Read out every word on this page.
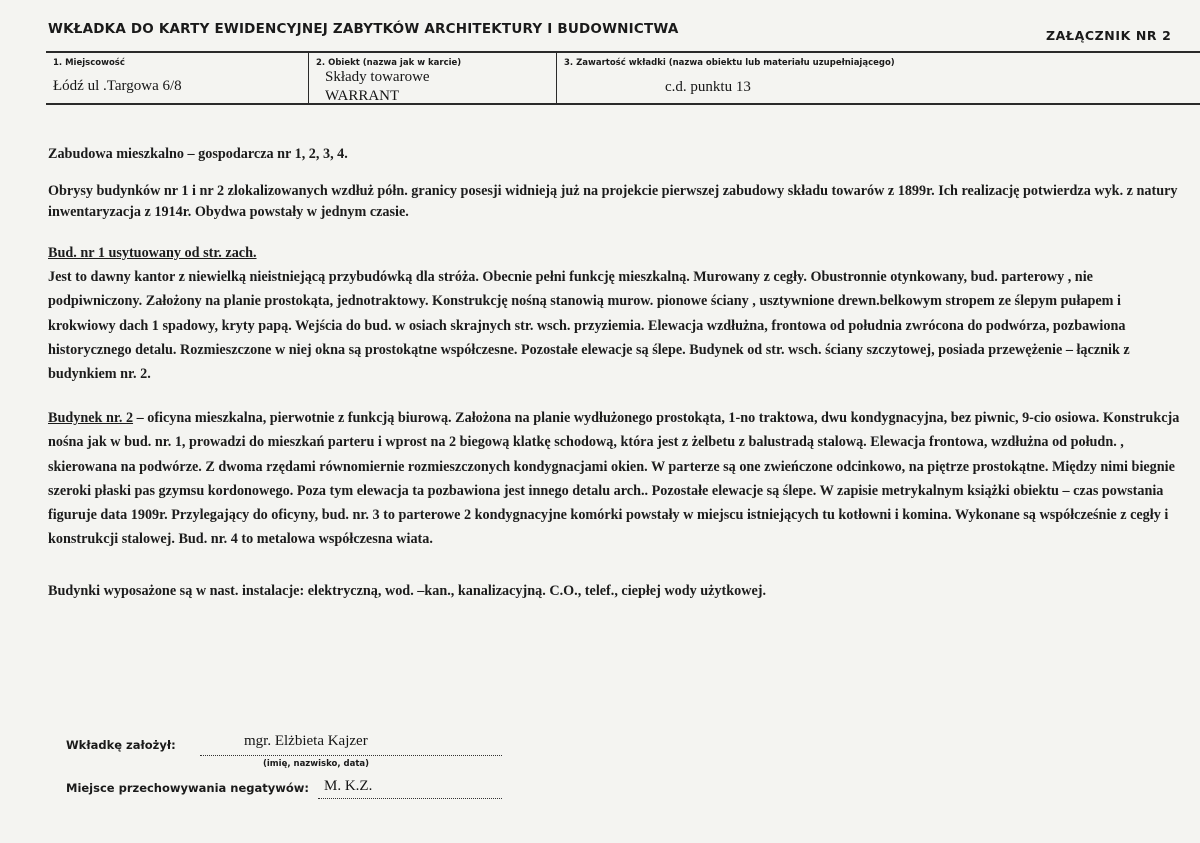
WKŁADKA DO KARTY EWIDENCYJNEJ ZABYTKÓW ARCHITEKTURY I BUDOWNICTWA	ZAŁĄCZNIK NR 2
1. Miejscowość
Łódź ul .Targowa 6/8
2. Obiekt (nazwa jak w karcie)
Składy towarowe
WARRANT
3. Zawartość wkładki (nazwa obiektu lub materiału uzupełniającego)
c.d. punktu 13

Zabudowa mieszkalno – gospodarcza nr 1, 2, 3, 4.

Obrysy budynków nr 1 i nr 2 zlokalizowanych wzdłuż półn. granicy posesji widnieją już na projekcie pierwszej zabudowy składu towarów z 1899r. Ich realizację potwierdza wyk. z natury inwentaryzacja z 1914r. Obydwa powstały w jednym czasie.

Bud. nr 1 usytuowany od str. zach.

Jest to dawny kantor z niewielką nieistniejącą przybudówką dla stróża. Obecnie pełni funkcję mieszkalną. Murowany z cegły. Obustronnie otynkowany, bud. parterowy , nie podpiwniczony. Założony na planie prostokąta, jednotraktowy. Konstrukcję nośną stanowią murow. pionowe ściany , usztywnione drewn.belkowym stropem ze ślepym pułapem i krokwiowy dach 1 spadowy, kryty papą. Wejścia do bud. w osiach skrajnych str. wsch. przyziemia. Elewacja wzdłużna, frontowa od południa zwrócona do podwórza, pozbawiona historycznego detalu. Rozmieszczone w niej okna są prostokątne współczesne. Pozostałe elewacje są ślepe. Budynek od str. wsch. ściany szczytowej, posiada przewężenie – łącznik z budynkiem nr. 2.

Budynek nr. 2 – oficyna mieszkalna, pierwotnie z funkcją biurową. Założona na planie wydłużonego prostokąta, 1-no traktowa, dwu kondygnacyjna, bez piwnic, 9-cio osiowa. Konstrukcja nośna jak w bud. nr. 1, prowadzi do mieszkań parteru i wprost na 2 biegową klatkę schodową, która jest z żelbetu z balustradą stalową. Elewacja frontowa, wzdłużna od połudn. , skierowana na podwórze. Z dwoma rzędami równomiernie rozmieszczonych kondygnacjami okien. W parterze są one zwieńczone odcinkowo, na piętrze prostokątne. Między nimi biegnie szeroki płaski pas gzymsu kordonowego. Poza tym elewacja ta pozbawiona jest innego detalu arch.. Pozostałe elewacje są ślepe. W zapisie metrykalnym książki obiektu – czas powstania figuruje data 1909r. Przylegający do oficyny, bud. nr. 3 to parterowe 2 kondygnacyjne komórki powstały w miejscu istniejących tu kotłowni i komina. Wykonane są współcześnie z cegły i konstrukcji stalowej. Bud. nr. 4 to metalowa współczesna wiata.

Budynki wyposażone są w nast. instalacje: elektryczną, wod. –kan., kanalizacyjną. C.O., telef., ciepłej wody użytkowej.

Wkładkę założył:	mgr. Elżbieta Kajzer
(imię, nazwisko, data)
Miejsce przechowywania negatywów: M. K.Z.
